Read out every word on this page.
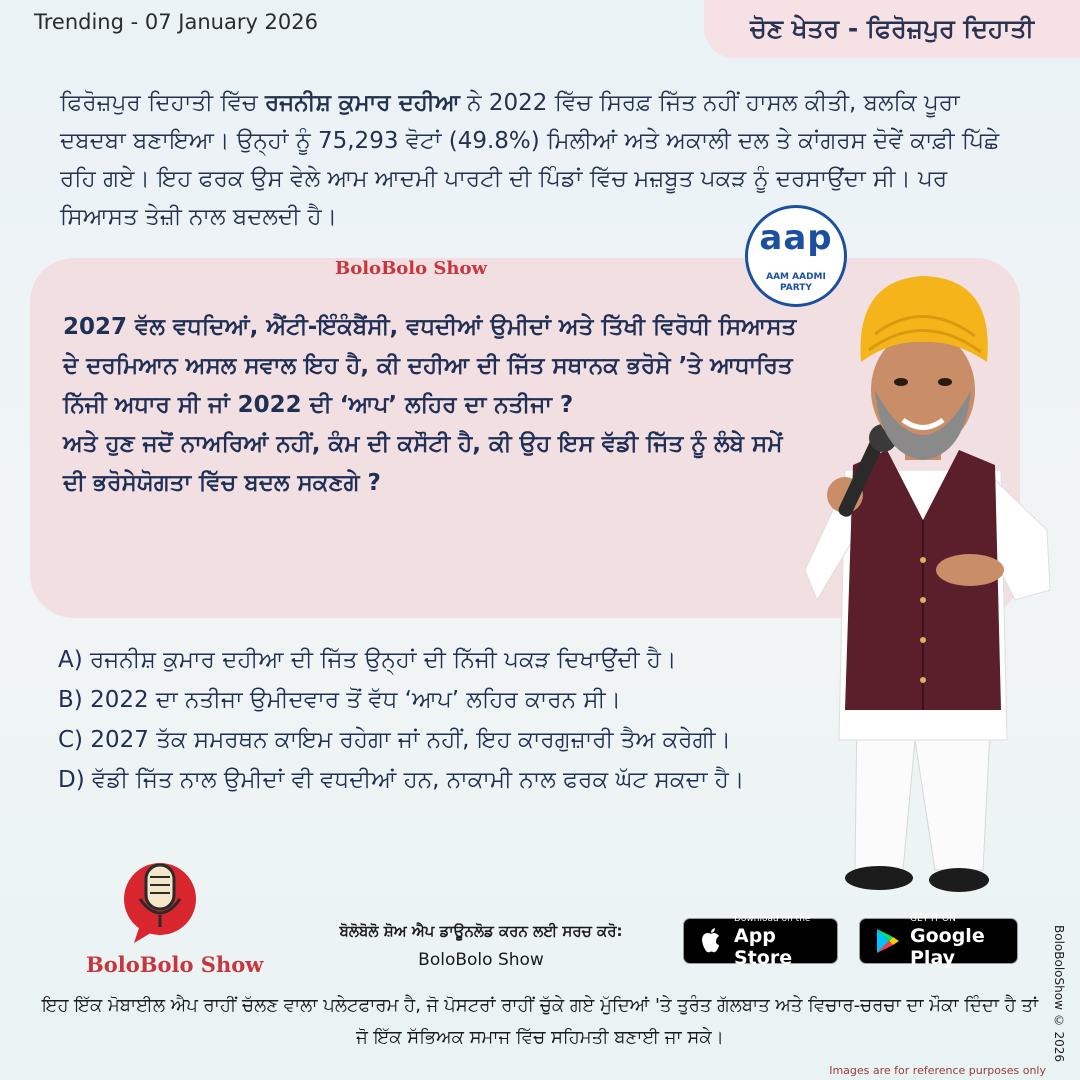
Trending - 07 January 2026	ਚੋਣ ਖੇਤਰ - ਫਿਰੋਜ਼ਪੁਰ ਦਿਹਾਤੀ

ਫਿਰੋਜ਼ਪੁਰ ਦਿਹਾਤੀ ਵਿੱਚ ਰਜਨੀਸ਼ ਕੁਮਾਰ ਦਹੀਆ ਨੇ 2022 ਵਿੱਚ ਸਿਰਫ਼ ਜਿੱਤ ਨਹੀਂ ਹਾਸਲ ਕੀਤੀ, ਬਲਕਿ ਪੂਰਾ ਦਬਦਬਾ ਬਣਾਇਆ। ਉਨ੍ਹਾਂ ਨੂੰ 75,293 ਵੋਟਾਂ (49.8%) ਮਿਲੀਆਂ ਅਤੇ ਅਕਾਲੀ ਦਲ ਤੇ ਕਾਂਗਰਸ ਦੋਵੇਂ ਕਾਫ਼ੀ ਪਿੱਛੇ ਰਹਿ ਗਏ। ਇਹ ਫਰਕ ਉਸ ਵੇਲੇ ਆਮ ਆਦਮੀ ਪਾਰਟੀ ਦੀ ਪਿੰਡਾਂ ਵਿੱਚ ਮਜ਼ਬੂਤ ਪਕੜ ਨੂੰ ਦਰਸਾਉਂਦਾ ਸੀ। ਪਰ ਸਿਆਸਤ ਤੇਜ਼ੀ ਨਾਲ ਬਦਲਦੀ ਹੈ।

BoloBolo Show
2027 ਵੱਲ ਵਧਦਿਆਂ, ਐਂਟੀ-ਇੰਕੰਬੈਂਸੀ, ਵਧਦੀਆਂ ਉਮੀਦਾਂ ਅਤੇ ਤਿੱਖੀ ਵਿਰੋਧੀ ਸਿਆਸਤ ਦੇ ਦਰਮਿਆਨ ਅਸਲ ਸਵਾਲ ਇਹ ਹੈ, ਕੀ ਦਹੀਆ ਦੀ ਜਿੱਤ ਸਥਾਨਕ ਭਰੋਸੇ ’ਤੇ ਆਧਾਰਿਤ ਨਿੱਜੀ ਅਧਾਰ ਸੀ ਜਾਂ 2022 ਦੀ ‘ਆਪ’ ਲਹਿਰ ਦਾ ਨਤੀਜਾ ?
ਅਤੇ ਹੁਣ ਜਦੋਂ ਨਾਅਰਿਆਂ ਨਹੀਂ, ਕੰਮ ਦੀ ਕਸੌਟੀ ਹੈ, ਕੀ ਉਹ ਇਸ ਵੱਡੀ ਜਿੱਤ ਨੂੰ ਲੰਬੇ ਸਮੇਂ ਦੀ ਭਰੋਸੇਯੋਗਤਾ ਵਿੱਚ ਬਦਲ ਸਕਣਗੇ ?
A) ਰਜਨੀਸ਼ ਕੁਮਾਰ ਦਹੀਆ ਦੀ ਜਿੱਤ ਉਨ੍ਹਾਂ ਦੀ ਨਿੱਜੀ ਪਕੜ ਦਿਖਾਉਂਦੀ ਹੈ।
B) 2022 ਦਾ ਨਤੀਜਾ ਉਮੀਦਵਾਰ ਤੋਂ ਵੱਧ ‘ਆਪ’ ਲਹਿਰ ਕਾਰਨ ਸੀ।
C) 2027 ਤੱਕ ਸਮਰਥਨ ਕਾਇਮ ਰਹੇਗਾ ਜਾਂ ਨਹੀਂ, ਇਹ ਕਾਰਗੁਜ਼ਾਰੀ ਤੈਅ ਕਰੇਗੀ।
D) ਵੱਡੀ ਜਿੱਤ ਨਾਲ ਉਮੀਦਾਂ ਵੀ ਵਧਦੀਆਂ ਹਨ, ਨਾਕਾਮੀ ਨਾਲ ਫਰਕ ਘੱਟ ਸਕਦਾ ਹੈ।
aap
AAM AADMI
PARTY
BoloBolo Show
ਬੋਲੋਬੋਲੋ ਸ਼ੋਅ ਐਪ ਡਾਊਨਲੋਡ ਕਰਨ ਲਈ ਸਰਚ ਕਰੋ:
BoloBolo Show
Download on the
App Store
GET IT ON
Google Play
ਇਹ ਇੱਕ ਮੋਬਾਈਲ ਐਪ ਰਾਹੀਂ ਚੱਲਣ ਵਾਲਾ ਪਲੇਟਫਾਰਮ ਹੈ, ਜੋ ਪੋਸਟਰਾਂ ਰਾਹੀਂ ਚੁੱਕੇ ਗਏ ਮੁੱਦਿਆਂ 'ਤੇ ਤੁਰੰਤ ਗੱਲਬਾਤ ਅਤੇ ਵਿਚਾਰ-ਚਰਚਾ ਦਾ ਮੌਕਾ ਦਿੰਦਾ ਹੈ ਤਾਂ ਜੋ ਇੱਕ ਸੱਭਿਅਕ ਸਮਾਜ ਵਿੱਚ ਸਹਿਮਤੀ ਬਣਾਈ ਜਾ ਸਕੇ।	BoloBoloShow © 2026
Images are for reference purposes only
